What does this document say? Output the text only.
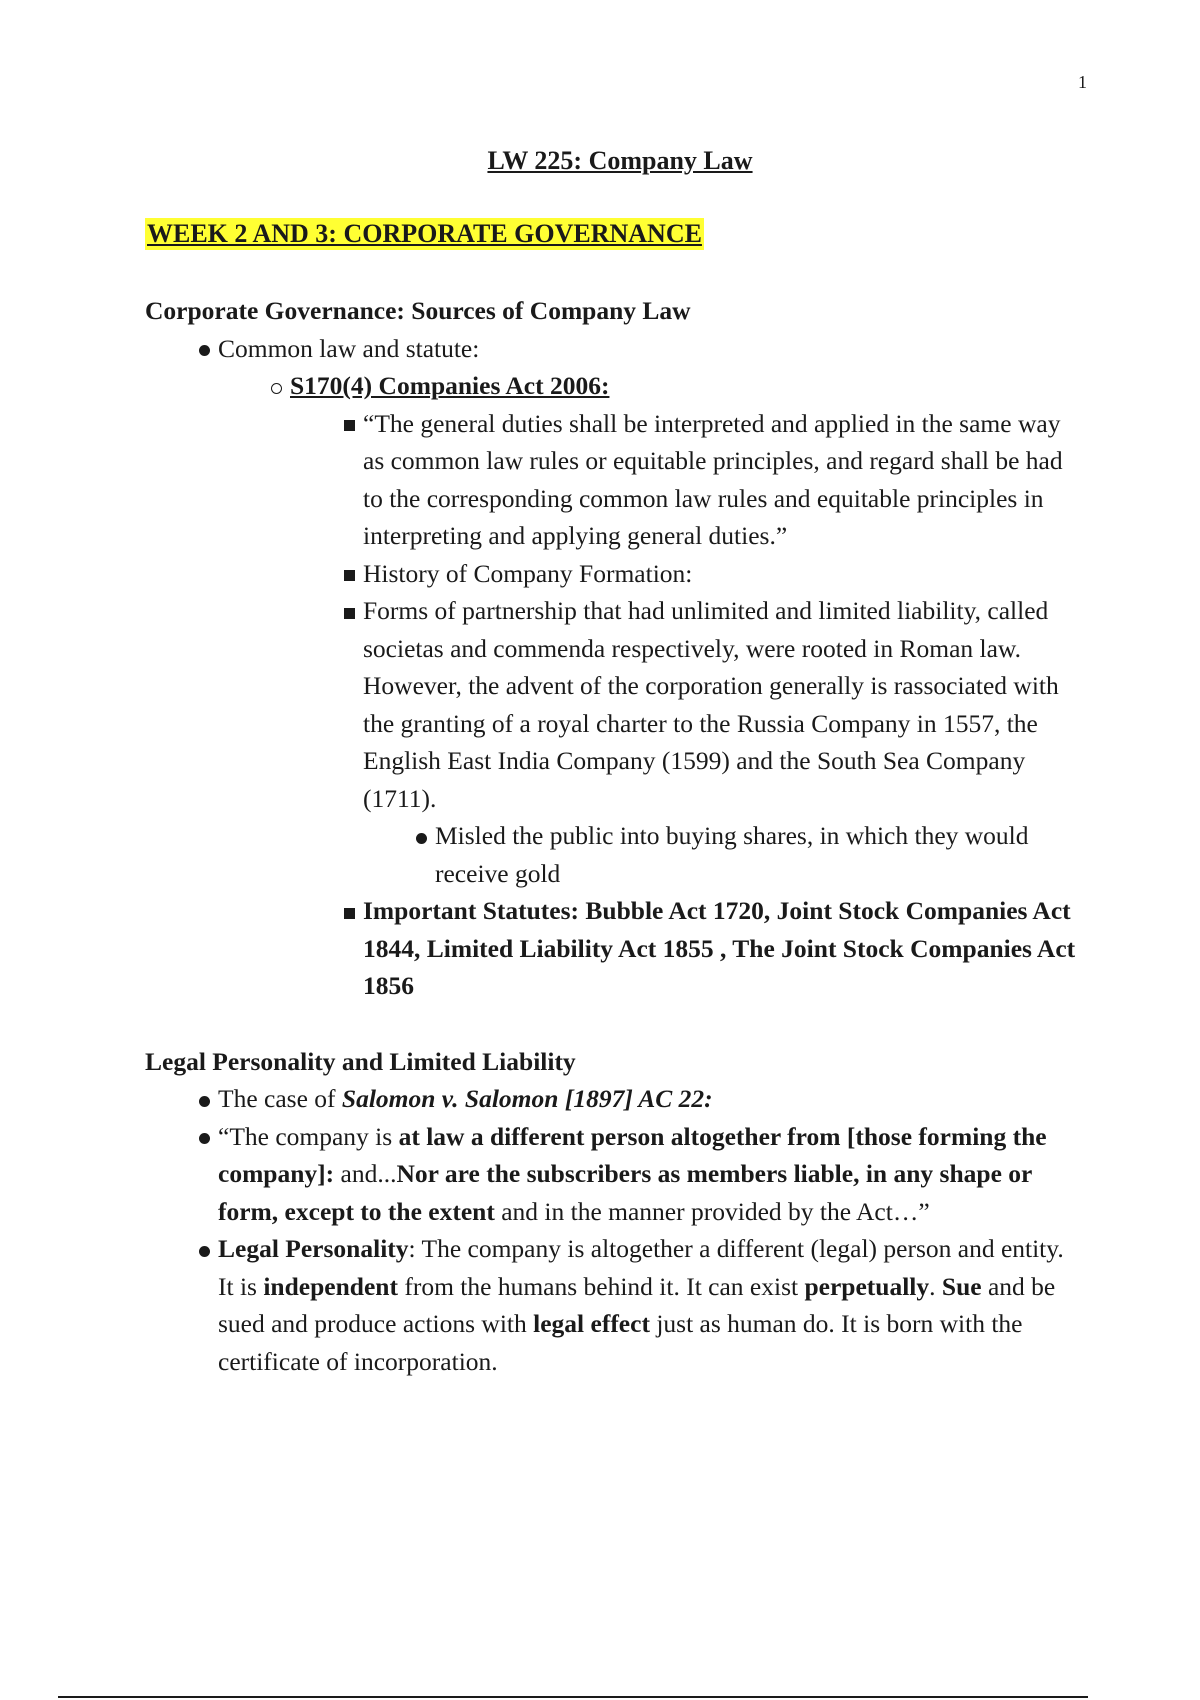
1
LW 225: Company Law
WEEK 2 AND 3: CORPORATE GOVERNANCE
Corporate Governance: Sources of Company Law
Common law and statute:
S170(4) Companies Act 2006:
“The general duties shall be interpreted and applied in the same way as common law rules or equitable principles, and regard shall be had to the corresponding common law rules and equitable principles in interpreting and applying general duties.”
History of Company Formation:
Forms of partnership that had unlimited and limited liability, called societas and commenda respectively, were rooted in Roman law. However, the advent of the corporation generally is rassociated with the granting of a royal charter to the Russia Company in 1557, the English East India Company (1599) and the South Sea Company (1711).
Misled the public into buying shares, in which they would receive gold
Important Statutes: Bubble Act 1720, Joint Stock Companies Act 1844, Limited Liability Act 1855 , The Joint Stock Companies Act 1856
Legal Personality and Limited Liability
The case of Salomon v. Salomon [1897] AC 22:
“The company is at law a different person altogether from [those forming the company]: and...Nor are the subscribers as members liable, in any shape or form, except to the extent and in the manner provided by the Act…”
Legal Personality: The company is altogether a different (legal) person and entity. It is independent from the humans behind it. It can exist perpetually. Sue and be sued and produce actions with legal effect just as human do. It is born with the certificate of incorporation.
